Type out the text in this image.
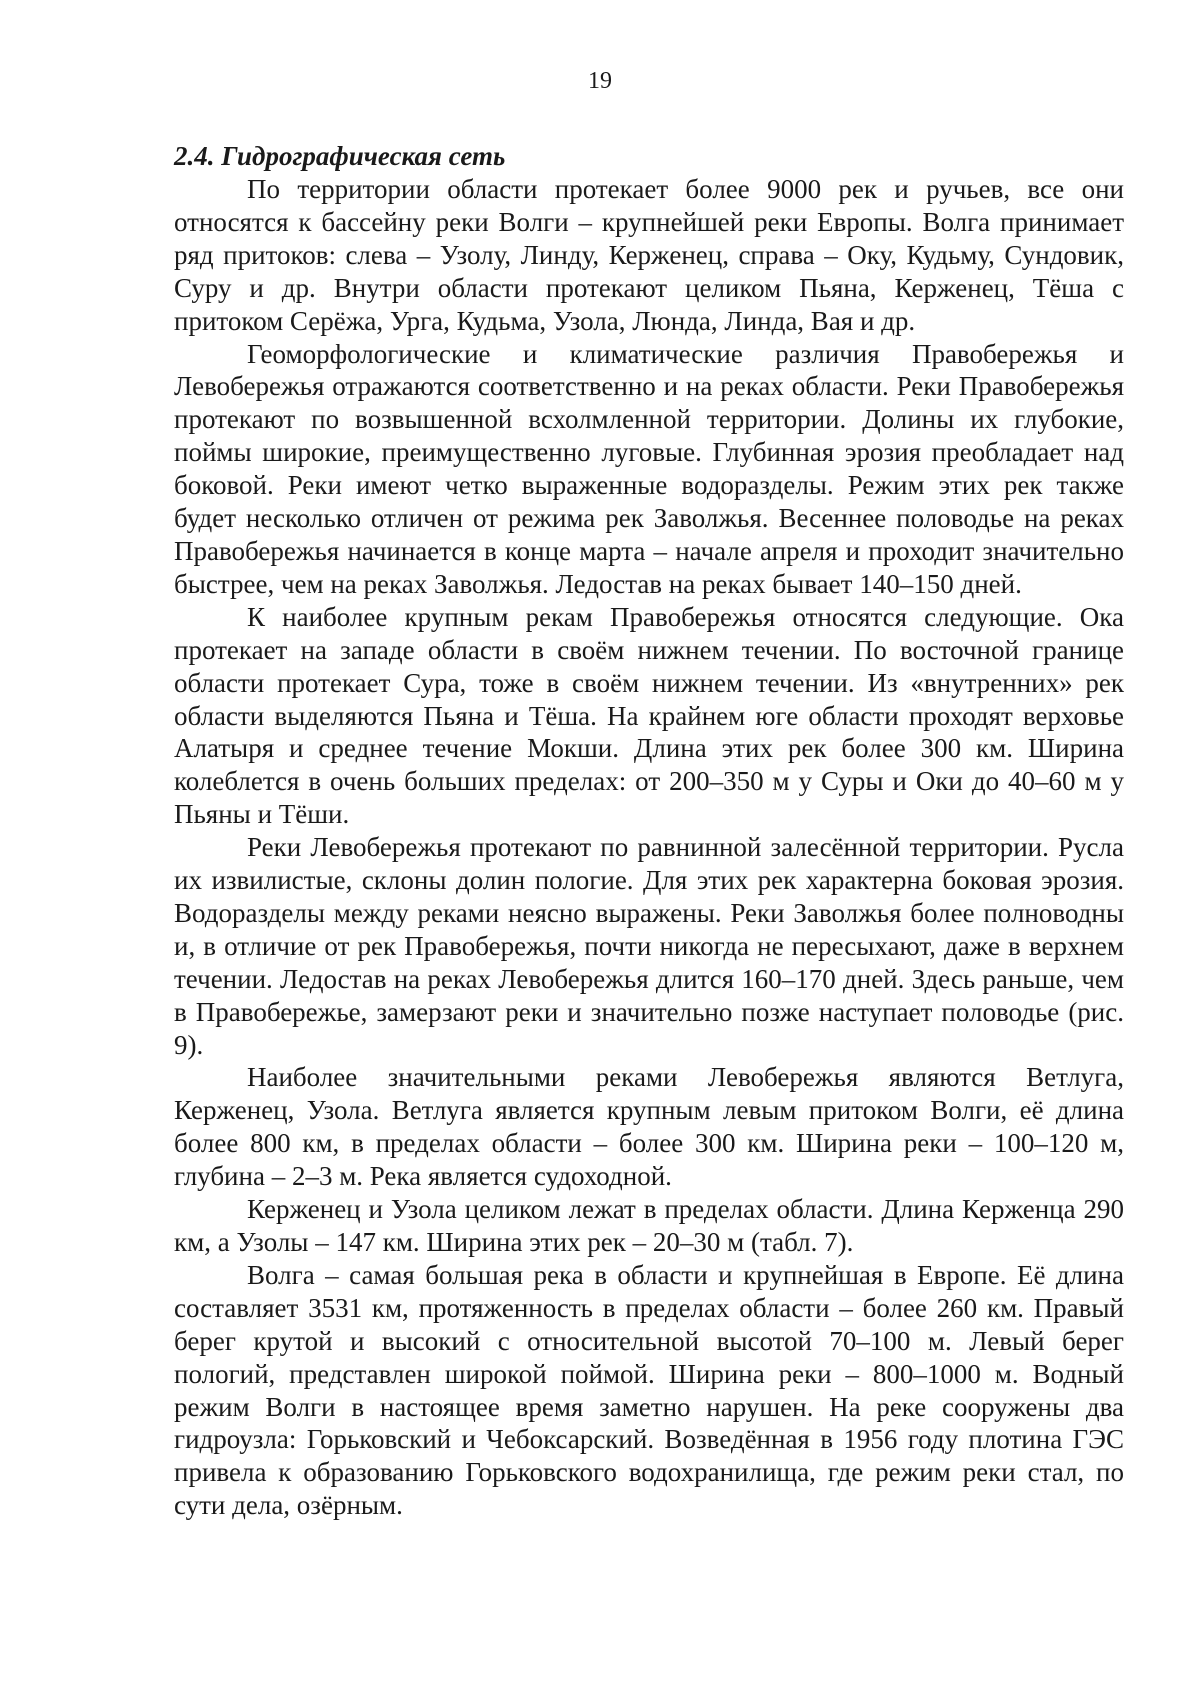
19
2.4. Гидрографическая сеть

По территории области протекает более 9000 рек и ручьев, все они относятся к бассейну реки Волги – крупнейшей реки Европы. Волга принимает ряд притоков: слева – Узолу, Линду, Керженец, справа – Оку, Кудьму, Сундовик, Суру и др. Внутри области протекают целиком Пьяна, Керженец, Тёша с притоком Серёжа, Урга, Кудьма, Узола, Люнда, Линда, Вая и др.

Геоморфологические и климатические различия Правобережья и Левобережья отражаются соответственно и на реках области. Реки Правобережья протекают по возвышенной всхолмленной территории. Долины их глубокие, поймы широкие, преимущественно луговые. Глубинная эрозия преобладает над боковой. Реки имеют четко выраженные водоразделы. Режим этих рек также будет несколько отличен от режима рек Заволжья. Весеннее половодье на реках Правобережья начинается в конце марта – начале апреля и проходит значительно быстрее, чем на реках Заволжья. Ледостав на реках бывает 140–150 дней.

К наиболее крупным рекам Правобережья относятся следующие. Ока протекает на западе области в своём нижнем течении. По восточной границе области протекает Сура, тоже в своём нижнем течении. Из «внутренних» рек области выделяются Пьяна и Тёша. На крайнем юге области проходят верховье Алатыря и среднее течение Мокши. Длина этих рек более 300 км. Ширина колеблется в очень больших пределах: от 200–350 м у Суры и Оки до 40–60 м у Пьяны и Тёши.

Реки Левобережья протекают по равнинной залесённой территории. Русла их извилистые, склоны долин пологие. Для этих рек характерна боковая эрозия. Водоразделы между реками неясно выражены. Реки Заволжья более полноводны и, в отличие от рек Правобережья, почти никогда не пересыхают, даже в верхнем течении. Ледостав на реках Левобережья длится 160–170 дней. Здесь раньше, чем в Правобережье, замерзают реки и значительно позже наступает половодье (рис. 9).

Наиболее значительными реками Левобережья являются Ветлуга, Керженец, Узола. Ветлуга является крупным левым притоком Волги, её длина более 800 км, в пределах области – более 300 км. Ширина реки – 100–120 м, глубина – 2–3 м. Река является судоходной.

Керженец и Узола целиком лежат в пределах области. Длина Керженца 290 км, а Узолы – 147 км. Ширина этих рек – 20–30 м (табл. 7).

Волга – самая большая река в области и крупнейшая в Европе. Её длина составляет 3531 км, протяженность в пределах области – более 260 км. Правый берег крутой и высокий с относительной высотой 70–100 м. Левый берег пологий, представлен широкой поймой. Ширина реки – 800–1000 м. Водный режим Волги в настоящее время заметно нарушен. На реке сооружены два гидроузла: Горьковский и Чебоксарский. Возведённая в 1956 году плотина ГЭС привела к образованию Горьковского водохранилища, где режим реки стал, по сути дела, озёрным.
